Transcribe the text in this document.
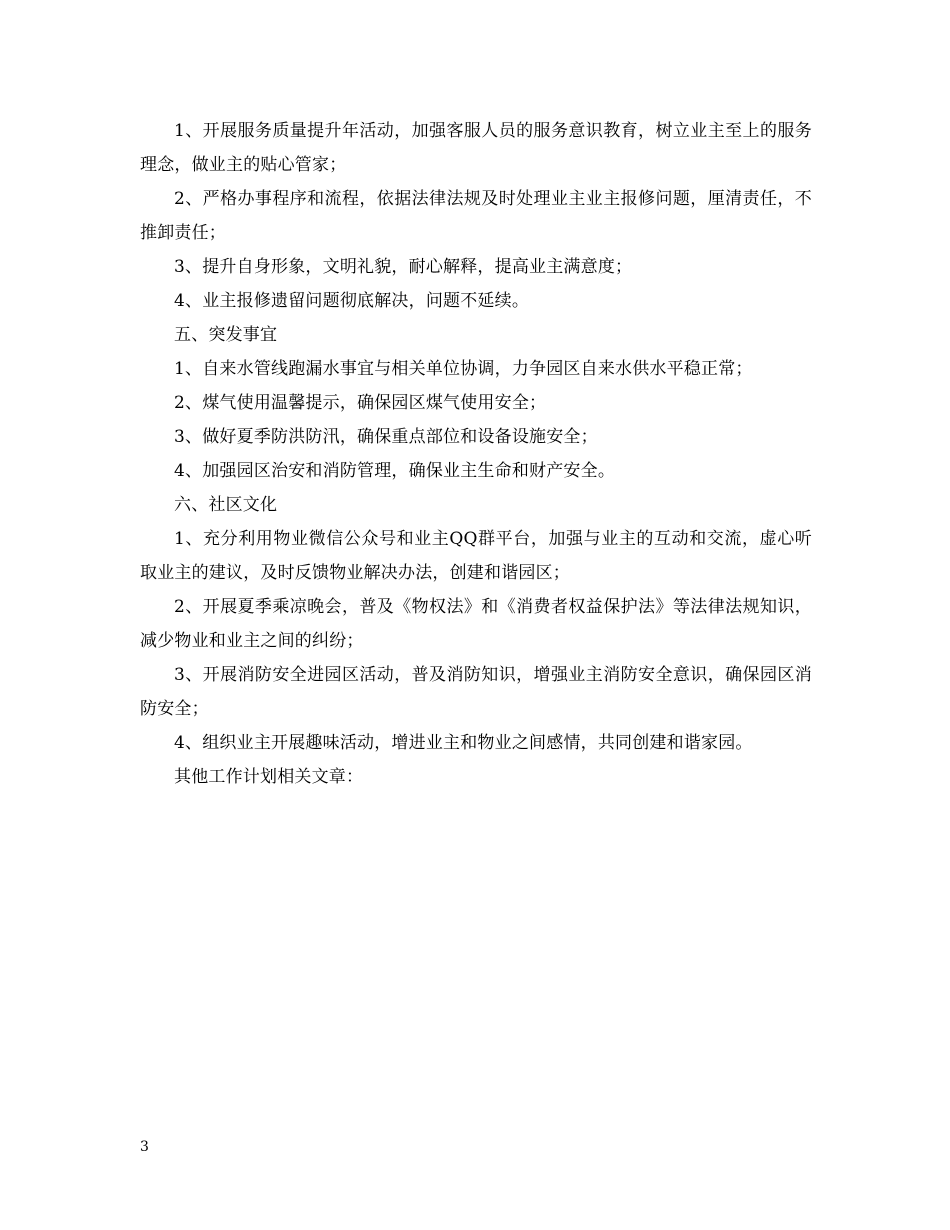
1、开展服务质量提升年活动，加强客服人员的服务意识教育，树立业主至上的服务理念，做业主的贴心管家；

2、严格办事程序和流程，依据法律法规及时处理业主业主报修问题，厘清责任，不推卸责任；

3、提升自身形象，文明礼貌，耐心解释，提高业主满意度；

4、业主报修遗留问题彻底解决，问题不延续。

五、突发事宜

1、自来水管线跑漏水事宜与相关单位协调，力争园区自来水供水平稳正常；

2、煤气使用温馨提示，确保园区煤气使用安全；

3、做好夏季防洪防汛，确保重点部位和设备设施安全；

4、加强园区治安和消防管理，确保业主生命和财产安全。

六、社区文化

1、充分利用物业微信公众号和业主QQ群平台，加强与业主的互动和交流，虚心听取业主的建议，及时反馈物业解决办法，创建和谐园区；

2、开展夏季乘凉晚会，普及《物权法》和《消费者权益保护法》等法律法规知识，减少物业和业主之间的纠纷；

3、开展消防安全进园区活动，普及消防知识，增强业主消防安全意识，确保园区消防安全；

4、组织业主开展趣味活动，增进业主和物业之间感情，共同创建和谐家园。

其他工作计划相关文章：

3
